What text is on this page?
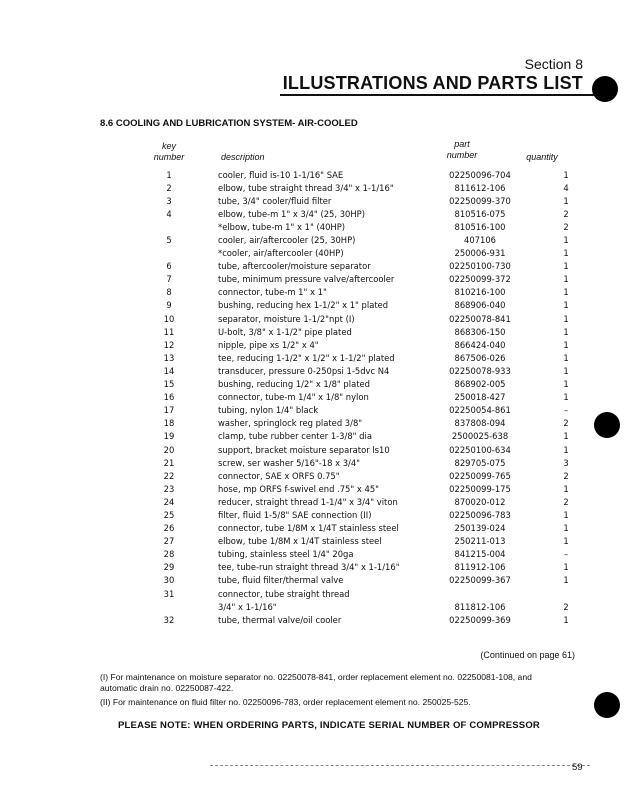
Section 8
ILLUSTRATIONS AND PARTS LIST
8.6 COOLING AND LUBRICATION SYSTEM- AIR-COOLED
key
number	description
part
number	quantity
1	cooler, fluid is-10 1-1/16" SAE	02250096-704	1
2	elbow, tube straight thread 3/4" x 1-1/16"	811612-106	4
3	tube, 3/4" cooler/fluid filter	02250099-370	1
4	elbow, tube-m 1" x 3/4" (25, 30HP)	810516-075	2
	*elbow, tube-m 1" x 1" (40HP)	810516-100	2
5	cooler, air/aftercooler (25, 30HP)	407106	1
	*cooler, air/aftercooler (40HP)	250006-931	1
6	tube, aftercooler/moisture separator	02250100-730	1
7	tube, minimum pressure valve/aftercooler	02250099-372	1
8	connector, tube-m 1" x 1"	810216-100	1
9	bushing, reducing hex 1-1/2" x 1" plated	868906-040	1
10	separator, moisture 1-1/2"npt (I)	02250078-841	1
11	U-bolt, 3/8" x 1-1/2" pipe plated	868306-150	1
12	nipple, pipe xs 1/2" x 4"	866424-040	1
13	tee, reducing 1-1/2" x 1/2" x 1-1/2" plated	867506-026	1
14	transducer, pressure 0-250psi 1-5dvc N4	02250078-933	1
15	bushing, reducing 1/2" x 1/8" plated	868902-005	1
16	connector, tube-m 1/4" x 1/8" nylon	250018-427	1
17	tubing, nylon 1/4" black	02250054-861	–
18	washer, springlock reg plated 3/8"	837808-094	2
19	clamp, tube rubber center 1-3/8" dia	2500025-638	1
20	support, bracket moisture separator ls10	02250100-634	1
21	screw, ser washer 5/16"-18 x 3/4"	829705-075	3
22	connector, SAE x ORFS 0.75"	02250099-765	2
23	hose, mp ORFS f-swivel end .75" x 45"	02250099-175	1
24	reducer, straight thread 1-1/4" x 3/4" viton	870020-012	2
25	filter, fluid 1-5/8" SAE connection (II)	02250096-783	1
26	connector, tube 1/8M x 1/4T stainless steel	250139-024	1
27	elbow, tube 1/8M x 1/4T stainless steel	250211-013	1
28	tubing, stainless steel 1/4" 20ga	841215-004	–
29	tee, tube-run straight thread 3/4" x 1-1/16"	811912-106	1
30	tube, fluid filter/thermal valve	02250099-367	1
31	connector, tube straight thread		
	3/4" x 1-1/16"	811812-106	2
32	tube, thermal valve/oil cooler	02250099-369	1
(Continued on page 61)
(I) For maintenance on moisture separator no. 02250078-841, order replacement element no. 02250081-108, and automatic drain no. 02250087-422.
(II) For maintenance on fluid filter no. 02250096-783, order replacement element no. 250025-525.
PLEASE NOTE: WHEN ORDERING PARTS, INDICATE SERIAL NUMBER OF COMPRESSOR
59
